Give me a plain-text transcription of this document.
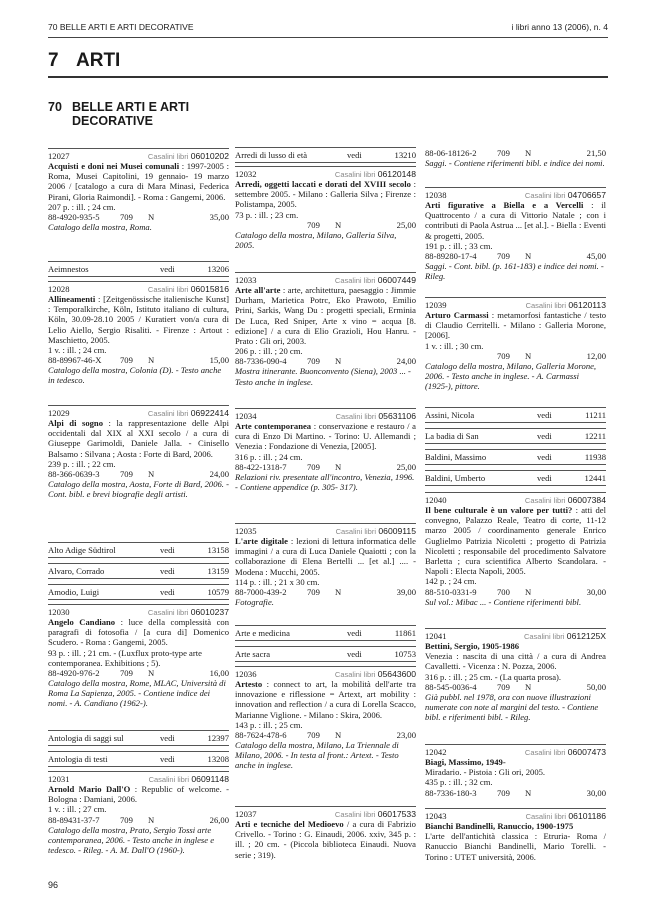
70 BELLE ARTI E ARTI DECORATIVE	i libri anno 13 (2006), n. 4
7 ARTI
70 BELLE ARTI E ARTI DECORATIVE
12027	Casalini libri 06010202
Acquisti e doni nei Musei comunali : 1997-2005 : Roma, Musei Capitolini, 19 gennaio- 19 marzo 2006 / [catalogo a cura di Mara Minasi, Federica Pirani, Gloria Raimondi]. - Roma : Gangemi, 2006.
207 p. : ill. ; 24 cm.
88-4920-935-5 709 N	35,00
Catalogo della mostra, Roma.
Aeimnestos	vedi	13206
12028	Casalini libri 06015816
Allineamenti : [Zeitgenössische italienische Kunst] : Temporalkirche, Köln, Istituto italiano di cultura, Köln, 30.09-28.10 2005 / Kuratiert von/a cura di Lelio Aiello, Sergio Risaliti. - Firenze : Artout : Maschietto, 2005.
1 v. : ill. ; 24 cm.
88-89967-46-X 709 N	15,00
Catalogo della mostra, Colonia (D). - Testo anche in tedesco.
12029	Casalini libri 06922414
Alpi di sogno : la rappresentazione delle Alpi occidentali dal XIX al XXI secolo / a cura di Giuseppe Garimoldi, Daniele Jalla. - Cinisello Balsamo : Silvana ; Aosta : Forte di Bard, 2006.
239 p. : ill. ; 22 cm.
88-366-0639-3 709 N	24,00
Catalogo della mostra, Aosta, Forte di Bard, 2006. - Cont. bibl. e brevi biografie degli artisti.
Alto Adige Südtirol	vedi	13158
Alvaro, Corrado	vedi	13159
Amodio, Luigi	vedi	10579
12030	Casalini libri 06010237
Angelo Candiano : luce della complessità con paragrafi di fotosofia / [a cura di] Domenico Scudero. - Roma : Gangemi, 2005.
93 p. : ill. ; 21 cm. - (Luxflux proto-type arte contemporanea. Exhibitions ; 5).
88-4920-976-2 709 N	16,00
Catalogo della mostra, Rome, MLAC, Università di Roma La Sapienza, 2005. - Contiene indice dei nomi. - A. Candiano (1962-).
Antologia di saggi sul	vedi	12397
Antologia di testi	vedi	13208
12031	Casalini libri 06091148
Arnold Mario Dall'O : Republic of welcome. - Bologna : Damiani, 2006.
1 v. : ill. ; 27 cm.
88-89431-37-7 709 N	26,00
Catalogo della mostra, Prato, Sergio Tossi arte contemporanea, 2006. - Testo anche in inglese e tedesco. - Rileg. - A. M. Dall'O (1960-).
Arredi di lusso di età	vedi	13210
12032	Casalini libri 06120148
Arredi, oggetti laccati e dorati del XVIII secolo : settembre 2005. - Milano : Galleria Silva ; Firenze : Polistampa, 2005.
73 p. : ill. ; 23 cm.
709 N	25,00
Catalogo della mostra, Milano, Galleria Silva, 2005.
12033	Casalini libri 06007449
Arte all'arte : arte, architettura, paesaggio : Jimmie Durham, Marietica Potrc, Eko Prawoto, Emilio Prini, Sarkis, Wang Du : progetti speciali, Erminia De Luca, Red Sniper, Arte x vino = acqua [8. edizione] / a cura di Elio Grazioli, Hou Hanru. - Prato : Gli ori, 2003.
206 p. : ill. ; 20 cm.
88-7336-090-4 709 N	24,00
Mostra itinerante. Buonconvento (Siena), 2003 ... - Testo anche in inglese.
12034	Casalini libri 05631106
Arte contemporanea : conservazione e restauro / a cura di Enzo Di Martino. - Torino: U. Allemandi ; Venezia : Fondazione di Venezia, [2005].
316 p. : ill. ; 24 cm.
88-422-1318-7 709 N	25,00
Relazioni riv. presentate all'incontro, Venezia, 1996. - Contiene appendice (p. 305- 317).
12035	Casalini libri 06009115
L'arte digitale : lezioni di lettura informatica delle immagini / a cura di Luca Daniele Quaiotti ; con la collaborazione di Elena Bertelli ... [et al.] .... - Modena : Mucchi, 2005.
114 p. : ill. ; 21 x 30 cm.
88-7000-439-2 709 N	39,00
Fotografie.
Arte e medicina	vedi	11861
Arte sacra	vedi	10753
12036	Casalini libri 05643600
Artesto : connect to art, la mobilità dell'arte tra innovazione e riflessione = Artext, art mobility : innovation and reflection / a cura di Lorella Scacco, Marianne Viglione. - Milano : Skira, 2006.
143 p. : ill. ; 25 cm.
88-7624-478-6 709 N	23,00
Catalogo della mostra, Milano, La Triennale di Milano, 2006. - In testa al front.: Artext. - Testo anche in inglese.
12037	Casalini libri 06017533
Arti e tecniche del Medioevo / a cura di Fabrizio Crivello. - Torino : G. Einaudi, 2006. xxiv, 345 p. : ill. ; 20 cm. - (Piccola biblioteca Einaudi. Nuova serie ; 319).
88-06-18126-2 709 N	21,50
Saggi. - Contiene riferimenti bibl. e indice dei nomi.
12038	Casalini libri 04706657
Arti figurative a Biella e a Vercelli : il Quattrocento / a cura di Vittorio Natale ; con i contributi di Paola Astrua ... [et al.]. - Biella : Eventi & progetti, 2005.
191 p. : ill. ; 33 cm.
88-89280-17-4 709 N	45,00
Saggi. - Cont. bibl. (p. 161-183) e indice dei nomi. - Rileg.
12039	Casalini libri 06120113
Arturo Carmassi : metamorfosi fantastiche / testo di Claudio Cerritelli. - Milano : Galleria Morone, [2006].
1 v. : ill. ; 30 cm.
709 N	12,00
Catalogo della mostra, Milano, Galleria Morone, 2006. - Testo anche in inglese. - A. Carmassi (1925-), pittore.
Assini, Nicola	vedi	11211
La badia di San	vedi	12211
Baldini, Massimo	vedi	11938
Baldini, Umberto	vedi	12441
12040	Casalini libri 06007384
Il bene culturale è un valore per tutti? : atti del convegno, Palazzo Reale, Teatro di corte, 11-12 marzo 2005 / coordinamento generale Enrico Guglielmo Patrizia Nicoletti ; progetto di Patrizia Nicoletti ; responsabile del procedimento Salvatore Barletta ; cura scientifica Alberto Scandolara. - Napoli : Electa Napoli, 2005.
142 p. ; 24 cm.
88-510-0331-9 700 N	30,00
Sul vol.: Mibac ... - Contiene riferimenti bibl.
12041	Casalini libri 0612125X
Bettini, Sergio, 1905-1986
Venezia : nascita di una città / a cura di Andrea Cavalletti. - Vicenza : N. Pozza, 2006.
316 p. : ill. ; 25 cm. - (La quarta prosa).
88-545-0036-4 709 N	50,00
Già pubbl. nel 1978, ora con nuove illustrazioni numerate con note al margini del testo. - Contiene bibl. e riferimenti bibl. - Rileg.
12042	Casalini libri 06007473
Biagi, Massimo, 1949-
Miradario. - Pistoia : Gli ori, 2005.
435 p. : ill. ; 32 cm.
88-7336-180-3 709 N	30,00
12043	Casalini libri 06101186
Bianchi Bandinelli, Ranuccio, 1900-1975
L'arte dell'antichità classica : Etruria- Roma / Ranuccio Bianchi Bandinelli, Mario Torelli. - Torino : UTET università, 2006.
96
